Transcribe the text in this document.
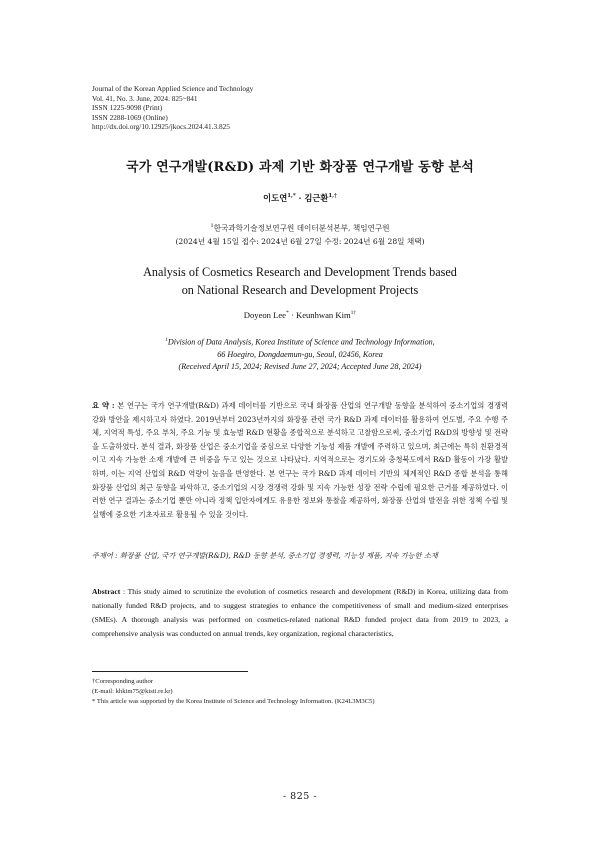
Journal of the Korean Applied Science and Technology
Vol. 41, No. 3. June, 2024. 825~841
ISSN 1225-9098 (Print)
ISSN 2288-1069 (Online)
http://dx.doi.org/10.12925/jkocs.2024.41.3.825
국가 연구개발(R&D) 과제 기반 화장품 연구개발 동향 분석
이도연$^{1,*}$ · 김근환$^{1,\dagger}$
$^1$한국과학기술정보연구원 데이터분석본부, 책임연구원
(2024년 4월 15일 접수: 2024년 6월 27일 수정: 2024년 6월 28일 채택)
Analysis of Cosmetics Research and Development Trends based
on National Research and Development Projects
Doyeon Lee* · Keunhwan Kim$^{1\dagger}$
$^1$Division of Data Analysis, Korea Institute of Science and Technology Information,
66 Hoegiro, Dongdaemun-gu, Seoul, 02456, Korea
(Received April 15, 2024; Revised June 27, 2024; Accepted June 28, 2024)
요 약 : 본 연구는 국가 연구개발(R&D) 과제 데이터를 기반으로 국내 화장품 산업의 연구개발 동향을 분석하여 중소기업의 경쟁력 강화 방안을 제시하고자 하였다. 2019년부터 2023년까지의 화장품 관련 국가 R&D 과제 데이터를 활용하여 연도별, 주요 수행 주체, 지역적 특성, 주요 부처, 주요 기능 및 효능별 R&D 현황을 종합적으로 분석하고 고찰함으로써, 중소기업 R&D의 방향성 및 전략을 도출하였다. 분석 결과, 화장품 산업은 중소기업을 중심으로 다양한 기능성 제품 개발에 주력하고 있으며, 최근에는 특히 친환경적이고 지속 가능한 소재 개발에 큰 비중을 두고 있는 것으로 나타났다. 지역적으로는 경기도와 충청북도에서 R&D 활동이 가장 활발하며, 이는 지역 산업의 R&D 역량이 높음을 반영한다. 본 연구는 국가 R&D 과제 데이터 기반의 체계적인 R&D 종합 분석을 통해 화장품 산업의 최근 동향을 파악하고, 중소기업의 시장 경쟁력 강화 및 지속 가능한 성장 전략 수립에 필요한 근거를 제공하였다. 이러한 연구 결과는 중소기업 뿐만 아니라 정책 입안자에게도 유용한 정보와 통찰을 제공하여, 화장품 산업의 발전을 위한 정책 수립 및 실행에 중요한 기초자료로 활용될 수 있을 것이다.
주제어 : 화장품 산업, 국가 연구개발(R&D), R&D 동향 분석, 중소기업 경쟁력, 기능성 제품, 지속 가능한 소재
Abstract : This study aimed to scrutinize the evolution of cosmetics research and development (R&D) in Korea, utilizing data from nationally funded R&D projects, and to suggest strategies to enhance the competitiveness of small and medium-sized enterprises (SMEs). A thorough analysis was performed on cosmetics-related national R&D funded project data from 2019 to 2023, a comprehensive analysis was conducted on annual trends, key organization, regional characteristics,
†Corresponding author
(E-mail: khkim75@kisti.re.kr)
* This article was supported by the Korea Institute of Science and Technology Information. (K24L3M3C5)
- 825 -
